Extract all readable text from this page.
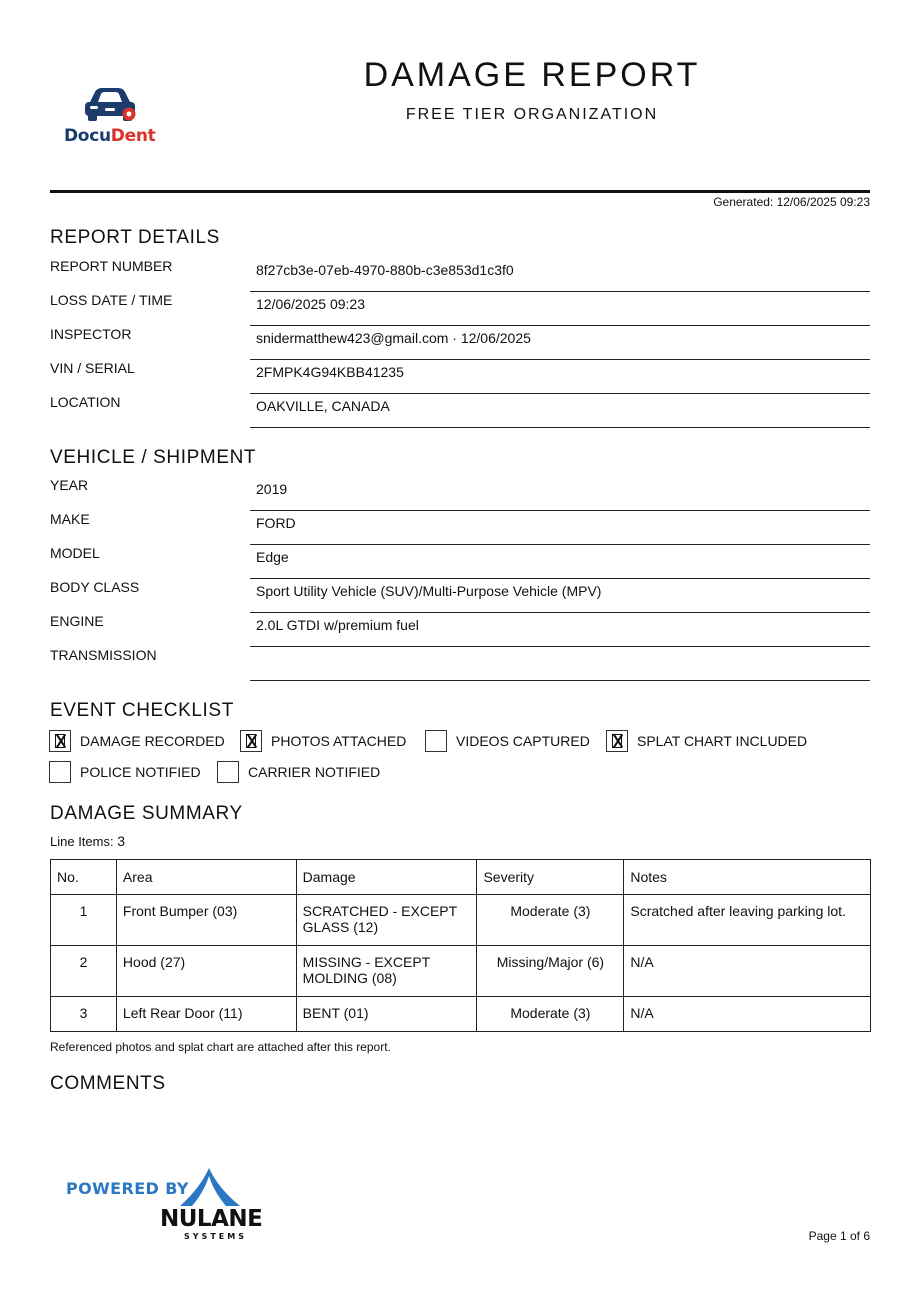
DocuDent
DAMAGE REPORT
FREE TIER ORGANIZATION
Generated: 12/06/2025 09:23
REPORT DETAILS
REPORT NUMBER	8f27cb3e-07eb-4970-880b-c3e853d1c3f0
LOSS DATE / TIME	12/06/2025 09:23
INSPECTOR	snidermatthew423@gmail.com · 12/06/2025
VIN / SERIAL	2FMPK4G94KBB41235
LOCATION	OAKVILLE, CANADA
VEHICLE / SHIPMENT
YEAR	2019
MAKE	FORD
MODEL	Edge
BODY CLASS	Sport Utility Vehicle (SUV)/Multi-Purpose Vehicle (MPV)
ENGINE	2.0L GTDI w/premium fuel
TRANSMISSION
EVENT CHECKLIST
DAMAGE RECORDED	PHOTOS ATTACHED	VIDEOS CAPTURED	SPLAT CHART INCLUDED
POLICE NOTIFIED	CARRIER NOTIFIED
DAMAGE SUMMARY
Line Items: 3
No.	Area	Damage	Severity	Notes
1	Front Bumper (03)	SCRATCHED - EXCEPT GLASS (12)	Moderate (3)	Scratched after leaving parking lot.
2	Hood (27)	MISSING - EXCEPT MOLDING (08)	Missing/Major (6)	N/A
3	Left Rear Door (11)	BENT (01)	Moderate (3)	N/A
Referenced photos and splat chart are attached after this report.
COMMENTS
POWERED BY
NULANE
SYSTEMS	Page 1 of 6
